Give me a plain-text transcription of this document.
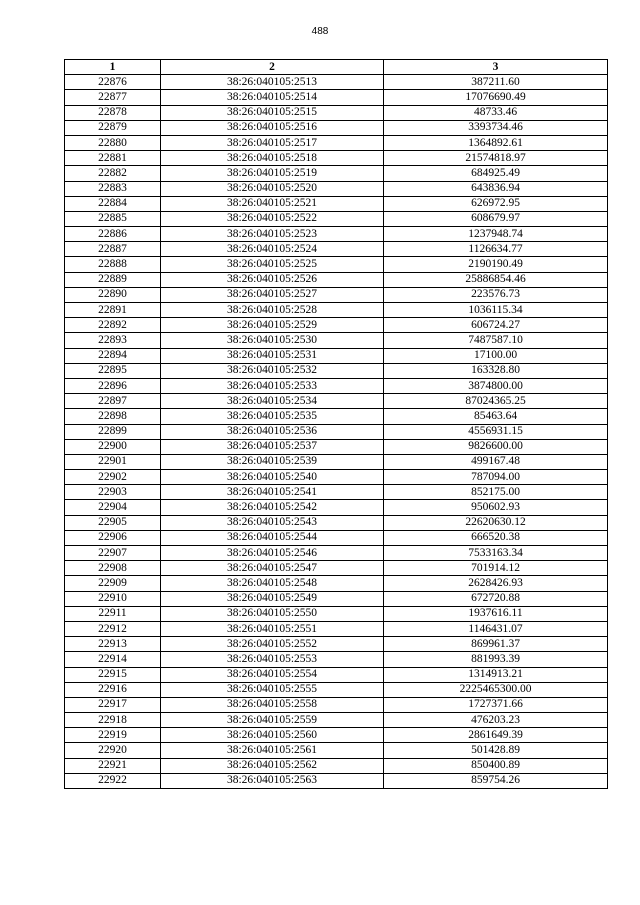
488
1	2	3
22876	38:26:040105:2513	387211.60
22877	38:26:040105:2514	17076690.49
22878	38:26:040105:2515	48733.46
22879	38:26:040105:2516	3393734.46
22880	38:26:040105:2517	1364892.61
22881	38:26:040105:2518	21574818.97
22882	38:26:040105:2519	684925.49
22883	38:26:040105:2520	643836.94
22884	38:26:040105:2521	626972.95
22885	38:26:040105:2522	608679.97
22886	38:26:040105:2523	1237948.74
22887	38:26:040105:2524	1126634.77
22888	38:26:040105:2525	2190190.49
22889	38:26:040105:2526	25886854.46
22890	38:26:040105:2527	223576.73
22891	38:26:040105:2528	1036115.34
22892	38:26:040105:2529	606724.27
22893	38:26:040105:2530	7487587.10
22894	38:26:040105:2531	17100.00
22895	38:26:040105:2532	163328.80
22896	38:26:040105:2533	3874800.00
22897	38:26:040105:2534	87024365.25
22898	38:26:040105:2535	85463.64
22899	38:26:040105:2536	4556931.15
22900	38:26:040105:2537	9826600.00
22901	38:26:040105:2539	499167.48
22902	38:26:040105:2540	787094.00
22903	38:26:040105:2541	852175.00
22904	38:26:040105:2542	950602.93
22905	38:26:040105:2543	22620630.12
22906	38:26:040105:2544	666520.38
22907	38:26:040105:2546	7533163.34
22908	38:26:040105:2547	701914.12
22909	38:26:040105:2548	2628426.93
22910	38:26:040105:2549	672720.88
22911	38:26:040105:2550	1937616.11
22912	38:26:040105:2551	1146431.07
22913	38:26:040105:2552	869961.37
22914	38:26:040105:2553	881993.39
22915	38:26:040105:2554	1314913.21
22916	38:26:040105:2555	2225465300.00
22917	38:26:040105:2558	1727371.66
22918	38:26:040105:2559	476203.23
22919	38:26:040105:2560	2861649.39
22920	38:26:040105:2561	501428.89
22921	38:26:040105:2562	850400.89
22922	38:26:040105:2563	859754.26
